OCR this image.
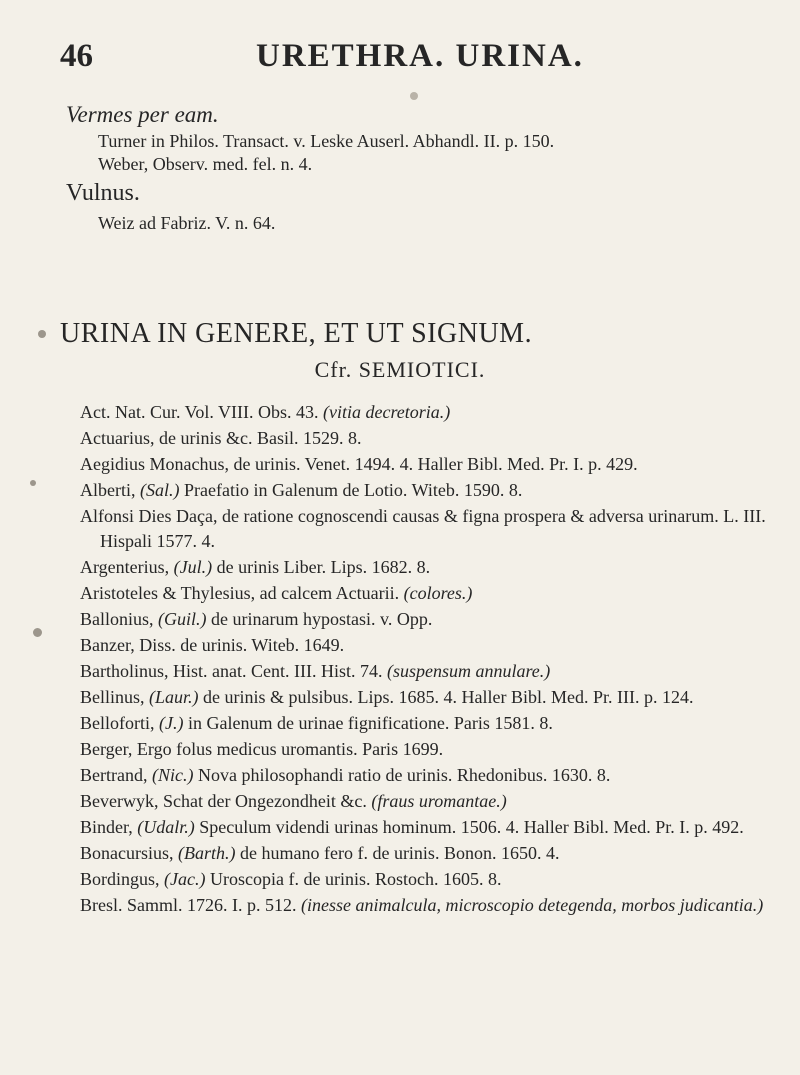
46	URETHRA. URINA.
Vermes per eam.
Turner in Philos. Transact. v. Leske Auserl. Abhandl. II. p. 150.
Weber, Observ. med. fel. n. 4.
Vulnus.
Weiz ad Fabriz. V. n. 64.
URINA IN GENERE, ET UT SIGNUM.
Cfr. SEMIOTICI.
Act. Nat. Cur. Vol. VIII. Obs. 43. (vitia decretoria.)
Actuarius, de urinis &c. Basil. 1529. 8.
Aegidius Monachus, de urinis. Venet. 1494. 4. Haller Bibl. Med. Pr. I. p. 429.
Alberti, (Sal.) Praefatio in Galenum de Lotio. Witeb. 1590. 8.
Alfonsi Dies Daça, de ratione cognoscendi causas & figna prospera & adversa urinarum. L. III. Hispali 1577. 4.
Argenterius, (Jul.) de urinis Liber. Lips. 1682. 8.
Aristoteles & Thylesius, ad calcem Actuarii. (colores.)
Ballonius, (Guil.) de urinarum hypostasi. v. Opp.
Banzer, Diss. de urinis. Witeb. 1649.
Bartholinus, Hist. anat. Cent. III. Hist. 74. (suspensum annulare.)
Bellinus, (Laur.) de urinis & pulsibus. Lips. 1685. 4. Haller Bibl. Med. Pr. III. p. 124.
Belloforti, (J.) in Galenum de urinae fignificatione. Paris 1581. 8.
Berger, Ergo folus medicus uromantis. Paris 1699.
Bertrand, (Nic.) Nova philosophandi ratio de urinis. Rhedonibus. 1630. 8.
Beverwyk, Schat der Ongezondheit &c. (fraus uromantae.)
Binder, (Udalr.) Speculum videndi urinas hominum. 1506. 4. Haller Bibl. Med. Pr. I. p. 492.
Bonacursius, (Barth.) de humano fero f. de urinis. Bonon. 1650. 4.
Bordingus, (Jac.) Uroscopia f. de urinis. Rostoch. 1605. 8.
Bresl. Samml. 1726. I. p. 512. (inesse animalcula, microscopio detegenda, morbos judicantia.)
